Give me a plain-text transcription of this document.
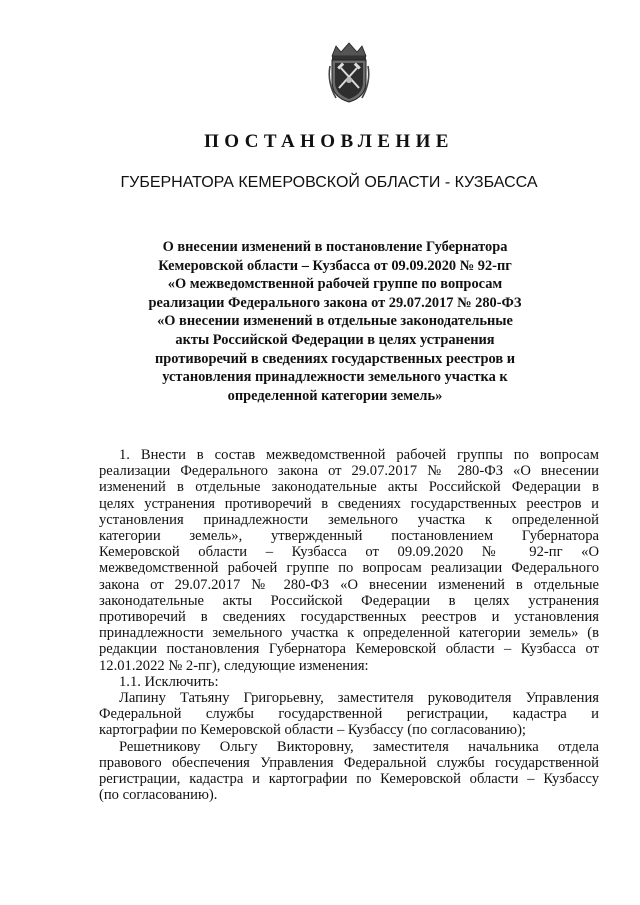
ПОСТАНОВЛЕНИЕ
ГУБЕРНАТОРА КЕМЕРОВСКОЙ ОБЛАСТИ - КУЗБАССА
О внесении изменений в постановление Губернатора
Кемеровской области – Кузбасса от 09.09.2020 № 92-пг
«О межведомственной рабочей группе по вопросам
реализации Федерального закона от 29.07.2017 № 280-ФЗ
«О внесении изменений в отдельные законодательные
акты Российской Федерации в целях устранения
противоречий в сведениях государственных реестров и
установления принадлежности земельного участка к
определенной категории земель»
1. Внести в состав межведомственной рабочей группы по вопросам
реализации Федерального закона от 29.07.2017 № 280-ФЗ «О внесении
изменений в отдельные законодательные акты Российской Федерации в
целях устранения противоречий в сведениях государственных реестров и
установления принадлежности земельного участка к определенной
категории земель», утвержденный постановлением Губернатора
Кемеровской области – Кузбасса от 09.09.2020 № 92-пг «О
межведомственной рабочей группе по вопросам реализации Федерального
закона от 29.07.2017 № 280-ФЗ «О внесении изменений в отдельные
законодательные акты Российской Федерации в целях устранения
противоречий в сведениях государственных реестров и установления
принадлежности земельного участка к определенной категории земель» (в
редакции постановления Губернатора Кемеровской области – Кузбасса от
12.01.2022 № 2-пг), следующие изменения:
1.1. Исключить:
Лапину Татьяну Григорьевну, заместителя руководителя Управления
Федеральной службы государственной регистрации, кадастра и
картографии по Кемеровской области – Кузбассу (по согласованию);
Решетникову Ольгу Викторовну, заместителя начальника отдела
правового обеспечения Управления Федеральной службы государственной
регистрации, кадастра и картографии по Кемеровской области – Кузбассу
(по согласованию).
